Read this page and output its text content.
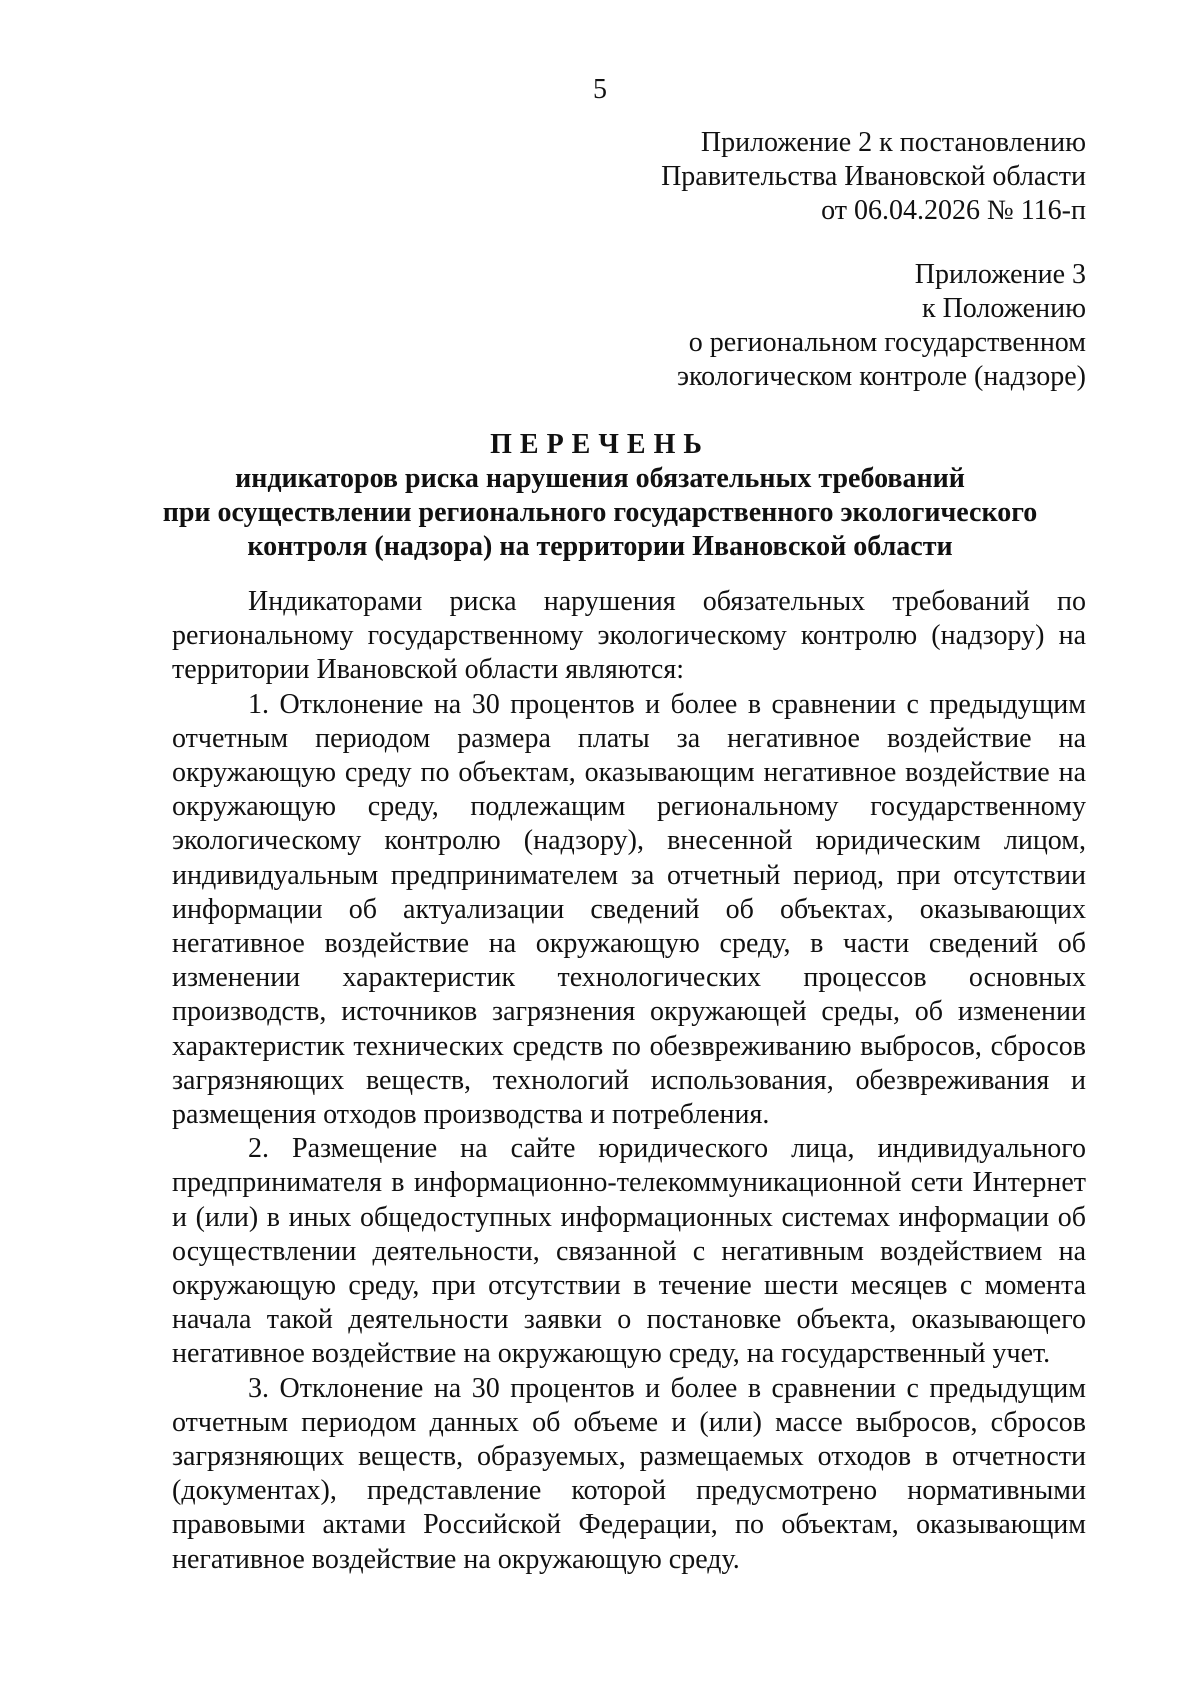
5
Приложение 2 к постановлению
Правительства Ивановской области
от 06.04.2026 № 116-п
Приложение 3
к Положению
о региональном государственном
экологическом контроле (надзоре)
ПЕРЕЧЕНЬ
индикаторов риска нарушения обязательных требований
при осуществлении регионального государственного экологического
контроля (надзора) на территории Ивановской области

Индикаторами риска нарушения обязательных требований по региональному государственному экологическому контролю (надзору) на территории Ивановской области являются:

1. Отклонение на 30 процентов и более в сравнении с предыдущим отчетным периодом размера платы за негативное воздействие на окружающую среду по объектам, оказывающим негативное воздействие на окружающую среду, подлежащим региональному государственному экологическому контролю (надзору), внесенной юридическим лицом, индивидуальным предпринимателем за отчетный период, при отсутствии информации об актуализации сведений об объектах, оказывающих негативное воздействие на окружающую среду, в части сведений об изменении характеристик технологических процессов основных производств, источников загрязнения окружающей среды, об изменении характеристик технических средств по обезвреживанию выбросов, сбросов загрязняющих веществ, технологий использования, обезвреживания и размещения отходов производства и потребления.

2. Размещение на сайте юридического лица, индивидуального предпринимателя в информационно-телекоммуникационной сети Интернет и (или) в иных общедоступных информационных системах информации об осуществлении деятельности, связанной с негативным воздействием на окружающую среду, при отсутствии в течение шести месяцев с момента начала такой деятельности заявки о постановке объекта, оказывающего негативное воздействие на окружающую среду, на государственный учет.

3. Отклонение на 30 процентов и более в сравнении с предыдущим отчетным периодом данных об объеме и (или) массе выбросов, сбросов загрязняющих веществ, образуемых, размещаемых отходов в отчетности (документах), представление которой предусмотрено нормативными правовыми актами Российской Федерации, по объектам, оказывающим негативное воздействие на окружающую среду.
